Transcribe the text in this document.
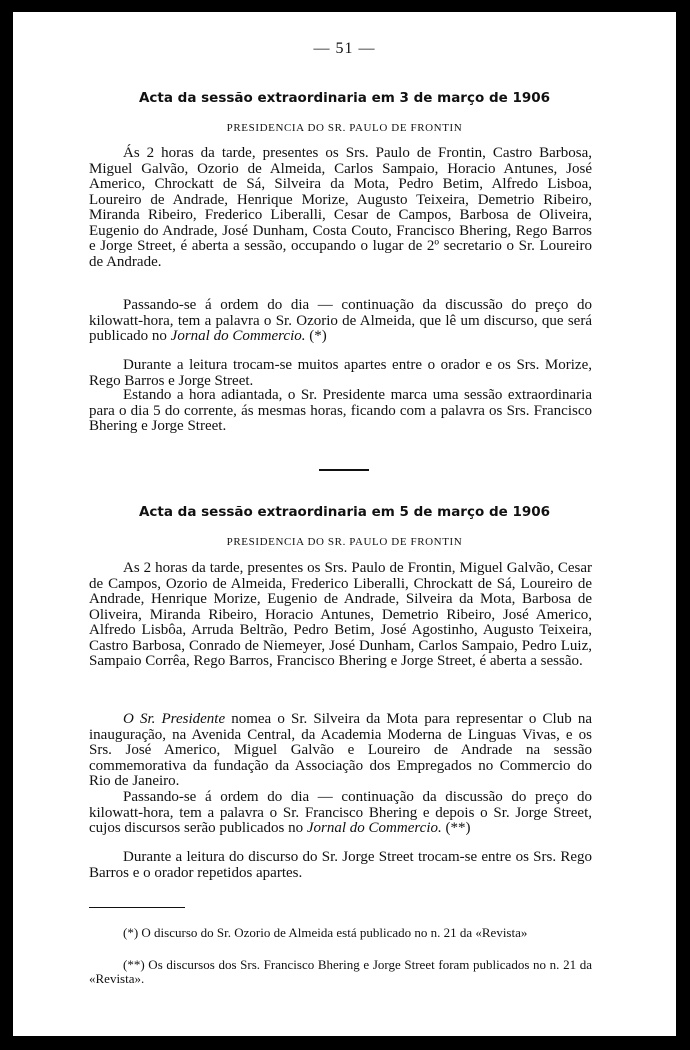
— 51 —
Acta da sessão extraordinaria em 3 de março de 1906
PRESIDENCIA DO SR. PAULO DE FRONTIN

Ás 2 horas da tarde, presentes os Srs. Paulo de Frontin, Castro Barbosa, Miguel Galvão, Ozorio de Almeida, Carlos Sampaio, Horacio Antunes, José Americo, Chrockatt de Sá, Silveira da Mota, Pedro Betim, Alfredo Lisboa, Loureiro de Andrade, Henrique Morize, Augusto Teixeira, Demetrio Ribeiro, Miranda Ribeiro, Frederico Liberalli, Cesar de Campos, Barbosa de Oliveira, Eugenio do Andrade, José Dunham, Costa Couto, Francisco Bhering, Rego Barros e Jorge Street, é aberta a sessão, occupando o lugar de 2º secretario o Sr. Loureiro de Andrade.

Passando-se á ordem do dia — continuação da discussão do preço do kilowatt-hora, tem a palavra o Sr. Ozorio de Almeida, que lê um discurso, que será publicado no Jornal do Commercio. (*)

Durante a leitura trocam-se muitos apartes entre o orador e os Srs. Morize, Rego Barros e Jorge Street.

Estando a hora adiantada, o Sr. Presidente marca uma sessão extraordinaria para o dia 5 do corrente, ás mesmas horas, ficando com a palavra os Srs. Francisco Bhering e Jorge Street.

Acta da sessão extraordinaria em 5 de março de 1906
PRESIDENCIA DO SR. PAULO DE FRONTIN

As 2 horas da tarde, presentes os Srs. Paulo de Frontin, Miguel Galvão, Cesar de Campos, Ozorio de Almeida, Frederico Liberalli, Chrockatt de Sá, Loureiro de Andrade, Henrique Morize, Eugenio de Andrade, Silveira da Mota, Barbosa de Oliveira, Miranda Ribeiro, Horacio Antunes, Demetrio Ribeiro, José Americo, Alfredo Lisbôa, Arruda Beltrão, Pedro Betim, José Agostinho, Augusto Teixeira, Castro Barbosa, Conrado de Niemeyer, José Dunham, Carlos Sampaio, Pedro Luiz, Sampaio Corrêa, Rego Barros, Francisco Bhering e Jorge Street, é aberta a sessão.

O Sr. Presidente nomea o Sr. Silveira da Mota para representar o Club na inauguração, na Avenida Central, da Academia Moderna de Linguas Vivas, e os Srs. José Americo, Miguel Galvão e Loureiro de Andrade na sessão commemorativa da fundação da Associação dos Empregados no Commercio do Rio de Janeiro.

Passando-se á ordem do dia — continuação da discussão do preço do kilowatt-hora, tem a palavra o Sr. Francisco Bhering e depois o Sr. Jorge Street, cujos discursos serão publicados no Jornal do Commercio. (**)

Durante a leitura do discurso do Sr. Jorge Street trocam-se entre os Srs. Rego Barros e o orador repetidos apartes.

(*) O discurso do Sr. Ozorio de Almeida está publicado no n. 21 da «Revista»

(**) Os discursos dos Srs. Francisco Bhering e Jorge Street foram publicados no n. 21 da «Revista».
